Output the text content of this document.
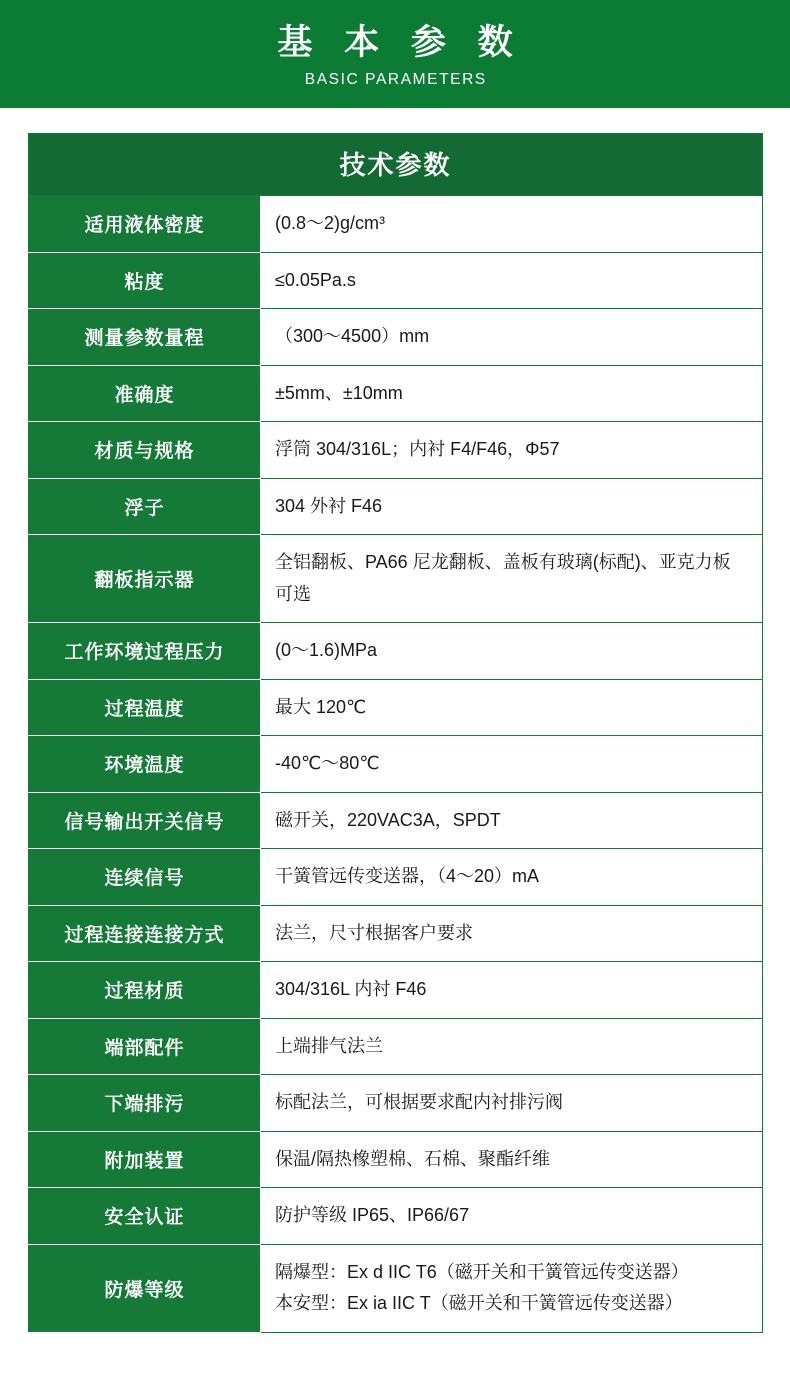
基 本 参 数
BASIC PARAMETERS
技术参数	
适用液体密度	(0.8～2)g/cm³
粘度	≤0.05Pa.s
测量参数量程	（300～4500）mm
准确度	±5mm、±10mm
材质与规格	浮筒 304/316L；内衬 F4/F46，Φ57
浮子	304 外衬 F46
翻板指示器	全铝翻板、PA66 尼龙翻板、盖板有玻璃(标配)、亚克力板可选
工作环境过程压力	(0～1.6)MPa
过程温度	最大 120℃
环境温度	-40℃～80℃
信号输出开关信号	磁开关，220VAC3A，SPDT
连续信号	干簧管远传变送器，（4～20）mA
过程连接连接方式	法兰，尺寸根据客户要求
过程材质	304/316L 内衬 F46
端部配件	上端排气法兰
下端排污	标配法兰，可根据要求配内衬排污阀
附加装置	保温/隔热橡塑棉、石棉、聚酯纤维
安全认证	防护等级 IP65、IP66/67
防爆等级	隔爆型：Ex d IIC T6（磁开关和干簧管远传变送器）
本安型：Ex ia IIC T（磁开关和干簧管远传变送器）
